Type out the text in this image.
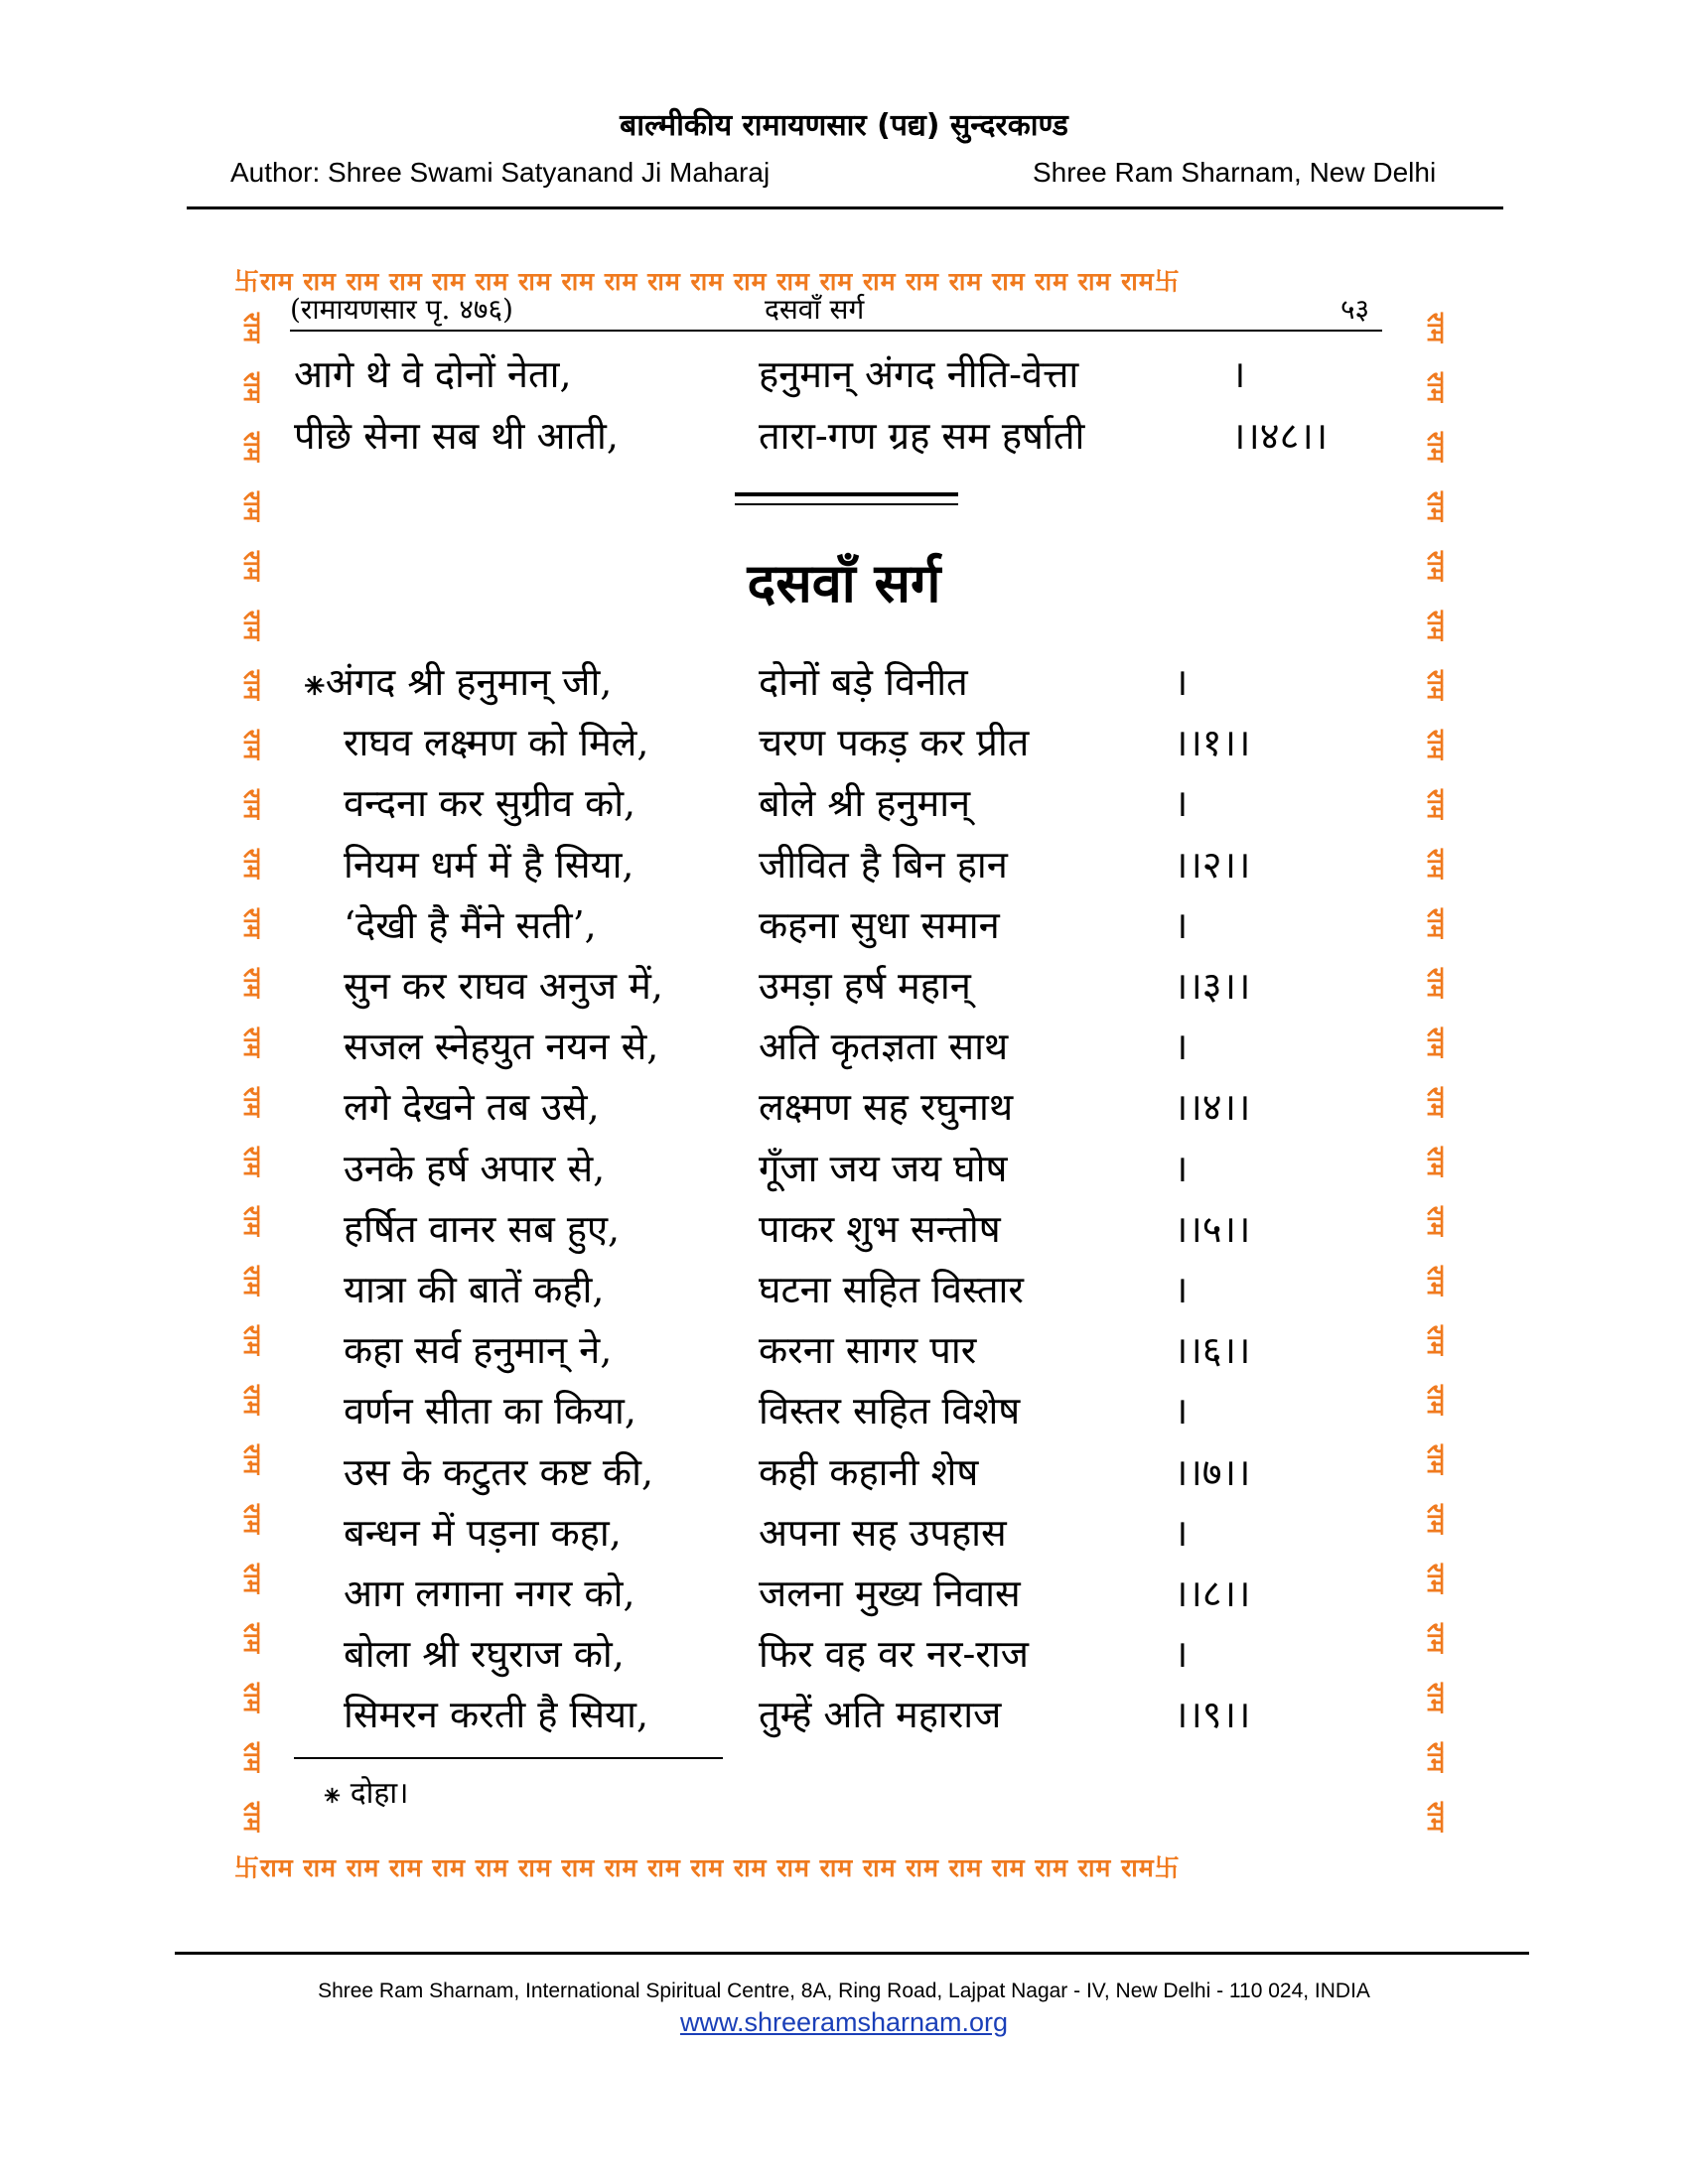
बाल्मीकीय रामायणसार (पद्य) सुन्दरकाण्ड
Author: Shree Swami Satyanand Ji Maharaj	Shree Ram Sharnam, New Delhi
卐राम राम राम राम राम राम राम राम राम राम राम राम राम राम राम राम राम राम राम राम राम卐
राम
राम
राम
राम
राम
राम
राम
राम
राम
राम
राम
राम
राम
राम
राम
राम
राम
राम
राम
राम
राम
राम
राम
राम
राम
राम
राम
राम
राम
राम
राम
राम
राम
राम
राम
राम
राम
राम
राम
राम
राम
राम
राम
राम
राम
राम
राम
राम
राम
राम
राम
राम
卐राम राम राम राम राम राम राम राम राम राम राम राम राम राम राम राम राम राम राम राम राम卐
(रामायणसार पृ. ४७६)	दसवाँ सर्ग	५३
आगे थे वे दोनों नेता,	हनुमान् अंगद नीति-वेत्ता	।
पीछे सेना सब थी आती,	तारा-गण ग्रह सम हर्षाती	।।४८।।
दसवाँ सर्ग
⁕अंगद श्री हनुमान् जी,	दोनों बड़े विनीत	।
राघव लक्ष्मण को मिले,	चरण पकड़ कर प्रीत	।।१।।
वन्दना कर सुग्रीव को,	बोले श्री हनुमान्	।
नियम धर्म में है सिया,	जीवित है बिन हान	।।२।।
‘देखी है मैंने सती’,	कहना सुधा समान	।
सुन कर राघव अनुज में,	उमड़ा हर्ष महान्	।।३।।
सजल स्नेहयुत नयन से,	अति कृतज्ञता साथ	।
लगे देखने तब उसे,	लक्ष्मण सह रघुनाथ	।।४।।
उनके हर्ष अपार से,	गूँजा जय जय घोष	।
हर्षित वानर सब हुए,	पाकर शुभ सन्तोष	।।५।।
यात्रा की बातें कही,	घटना सहित विस्तार	।
कहा सर्व हनुमान् ने,	करना सागर पार	।।६।।
वर्णन सीता का किया,	विस्तर सहित विशेष	।
उस के कटुतर कष्ट की,	कही कहानी शेष	।।७।।
बन्धन में पड़ना कहा,	अपना सह उपहास	।
आग लगाना नगर को,	जलना मुख्य निवास	।।८।।
बोला श्री रघुराज को,	फिर वह वर नर-राज	।
सिमरन करती है सिया,	तुम्हें अति महाराज	।।९।।
⁕ दोहा।
Shree Ram Sharnam, International Spiritual Centre, 8A, Ring Road, Lajpat Nagar - IV, New Delhi - 110 024, INDIA
www.shreeramsharnam.org
